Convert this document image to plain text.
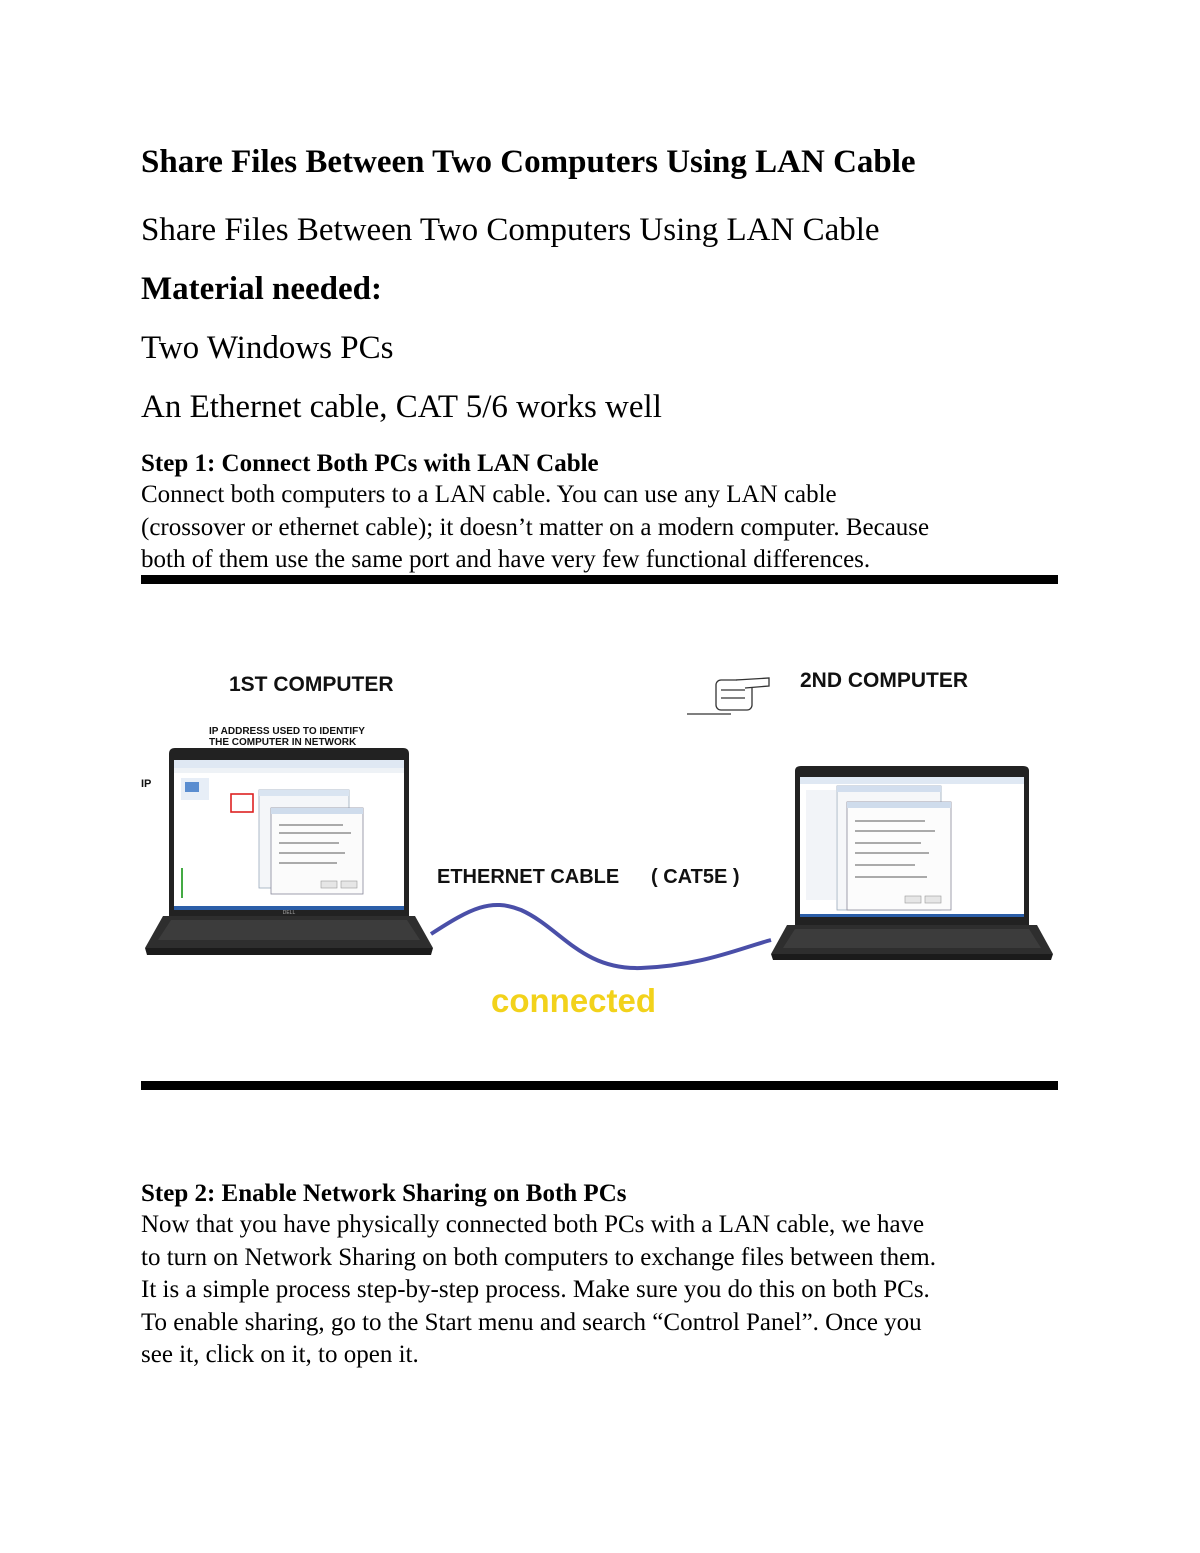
Share Files Between Two Computers Using LAN Cable

Share Files Between Two Computers Using LAN Cable

Material needed:

Two Windows PCs

An Ethernet cable, CAT 5/6 works well

Step 1: Connect Both PCs with LAN Cable

Connect both computers to a LAN cable. You can use any LAN cable
(crossover or ethernet cable); it doesn’t matter on a modern computer. Because
both of them use the same port and have very few functional differences.

1ST COMPUTER
IP ADDRESS USED TO IDENTIFY
THE COMPUTER IN NETWORK
IP
2ND COMPUTER
DELL
ETHERNET CABLE ( CAT5E )
connected
Step 2: Enable Network Sharing on Both PCs

Now that you have physically connected both PCs with a LAN cable, we have
to turn on Network Sharing on both computers to exchange files between them.
It is a simple process step-by-step process. Make sure you do this on both PCs.
To enable sharing, go to the Start menu and search “Control Panel”. Once you
see it, click on it, to open it.
